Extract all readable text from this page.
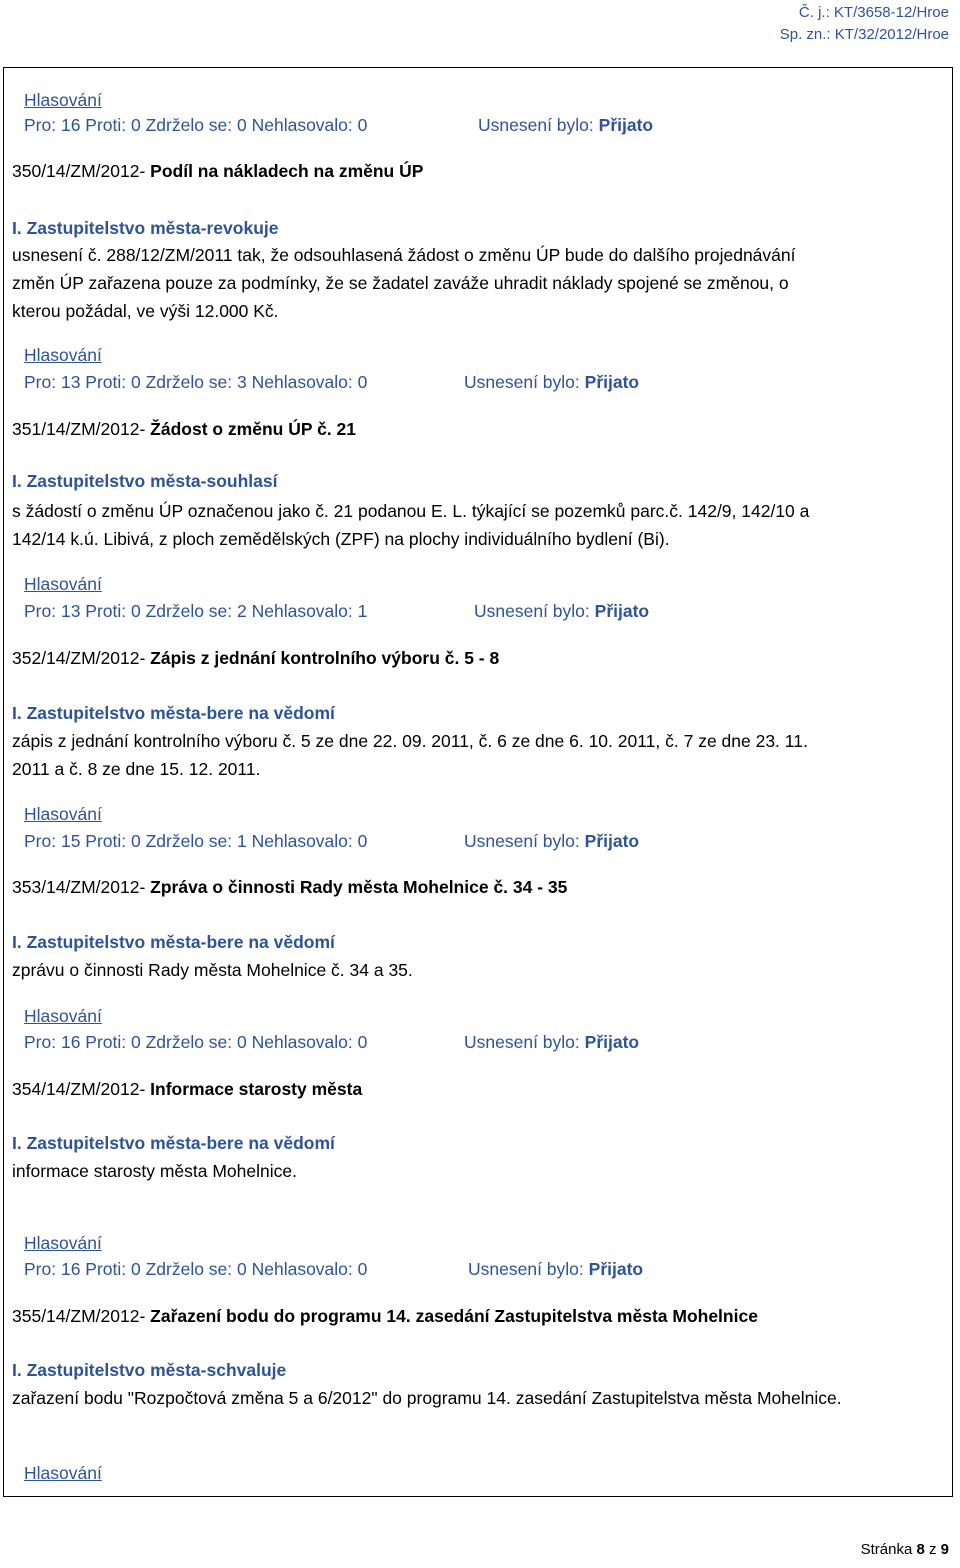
Č. j.: KT/3658-12/Hroe
Sp. zn.: KT/32/2012/Hroe
Hlasování
Pro: 16 Proti: 0 Zdrželo se: 0 Nehlasovalo: 0	Usnesení bylo: Přijato
350/14/ZM/2012- Podíl na nákladech na změnu ÚP
I. Zastupitelstvo města-revokuje
usnesení č. 288/12/ZM/2011 tak, že odsouhlasená žádost o změnu ÚP bude do dalšího projednávání
změn ÚP zařazena pouze za podmínky, že se žadatel zaváže uhradit náklady spojené se změnou, o
kterou požádal, ve výši 12.000 Kč.
Hlasování
Pro: 13 Proti: 0 Zdrželo se: 3 Nehlasovalo: 0	Usnesení bylo: Přijato
351/14/ZM/2012- Žádost o změnu ÚP č. 21
I. Zastupitelstvo města-souhlasí
s žádostí o změnu ÚP označenou jako č. 21 podanou E. L. týkající se pozemků parc.č. 142/9, 142/10 a
142/14 k.ú. Libivá, z ploch zemědělských (ZPF) na plochy individuálního bydlení (Bi).
Hlasování
Pro: 13 Proti: 0 Zdrželo se: 2 Nehlasovalo: 1	Usnesení bylo: Přijato
352/14/ZM/2012- Zápis z jednání kontrolního výboru č. 5 - 8
I. Zastupitelstvo města-bere na vědomí
zápis z jednání kontrolního výboru č. 5 ze dne 22. 09. 2011, č. 6 ze dne 6. 10. 2011, č. 7 ze dne 23. 11.
2011 a č. 8 ze dne 15. 12. 2011.
Hlasování
Pro: 15 Proti: 0 Zdrželo se: 1 Nehlasovalo: 0	Usnesení bylo: Přijato
353/14/ZM/2012- Zpráva o činnosti Rady města Mohelnice č. 34 - 35
I. Zastupitelstvo města-bere na vědomí
zprávu o činnosti Rady města Mohelnice č. 34 a 35.
Hlasování
Pro: 16 Proti: 0 Zdrželo se: 0 Nehlasovalo: 0	Usnesení bylo: Přijato
354/14/ZM/2012- Informace starosty města
I. Zastupitelstvo města-bere na vědomí
informace starosty města Mohelnice.
Hlasování
Pro: 16 Proti: 0 Zdrželo se: 0 Nehlasovalo: 0	Usnesení bylo: Přijato
355/14/ZM/2012- Zařazení bodu do programu 14. zasedání Zastupitelstva města Mohelnice
I. Zastupitelstvo města-schvaluje
zařazení bodu "Rozpočtová změna 5 a 6/2012" do programu 14. zasedání Zastupitelstva města Mohelnice.
Hlasování
Stránka 8 z 9
